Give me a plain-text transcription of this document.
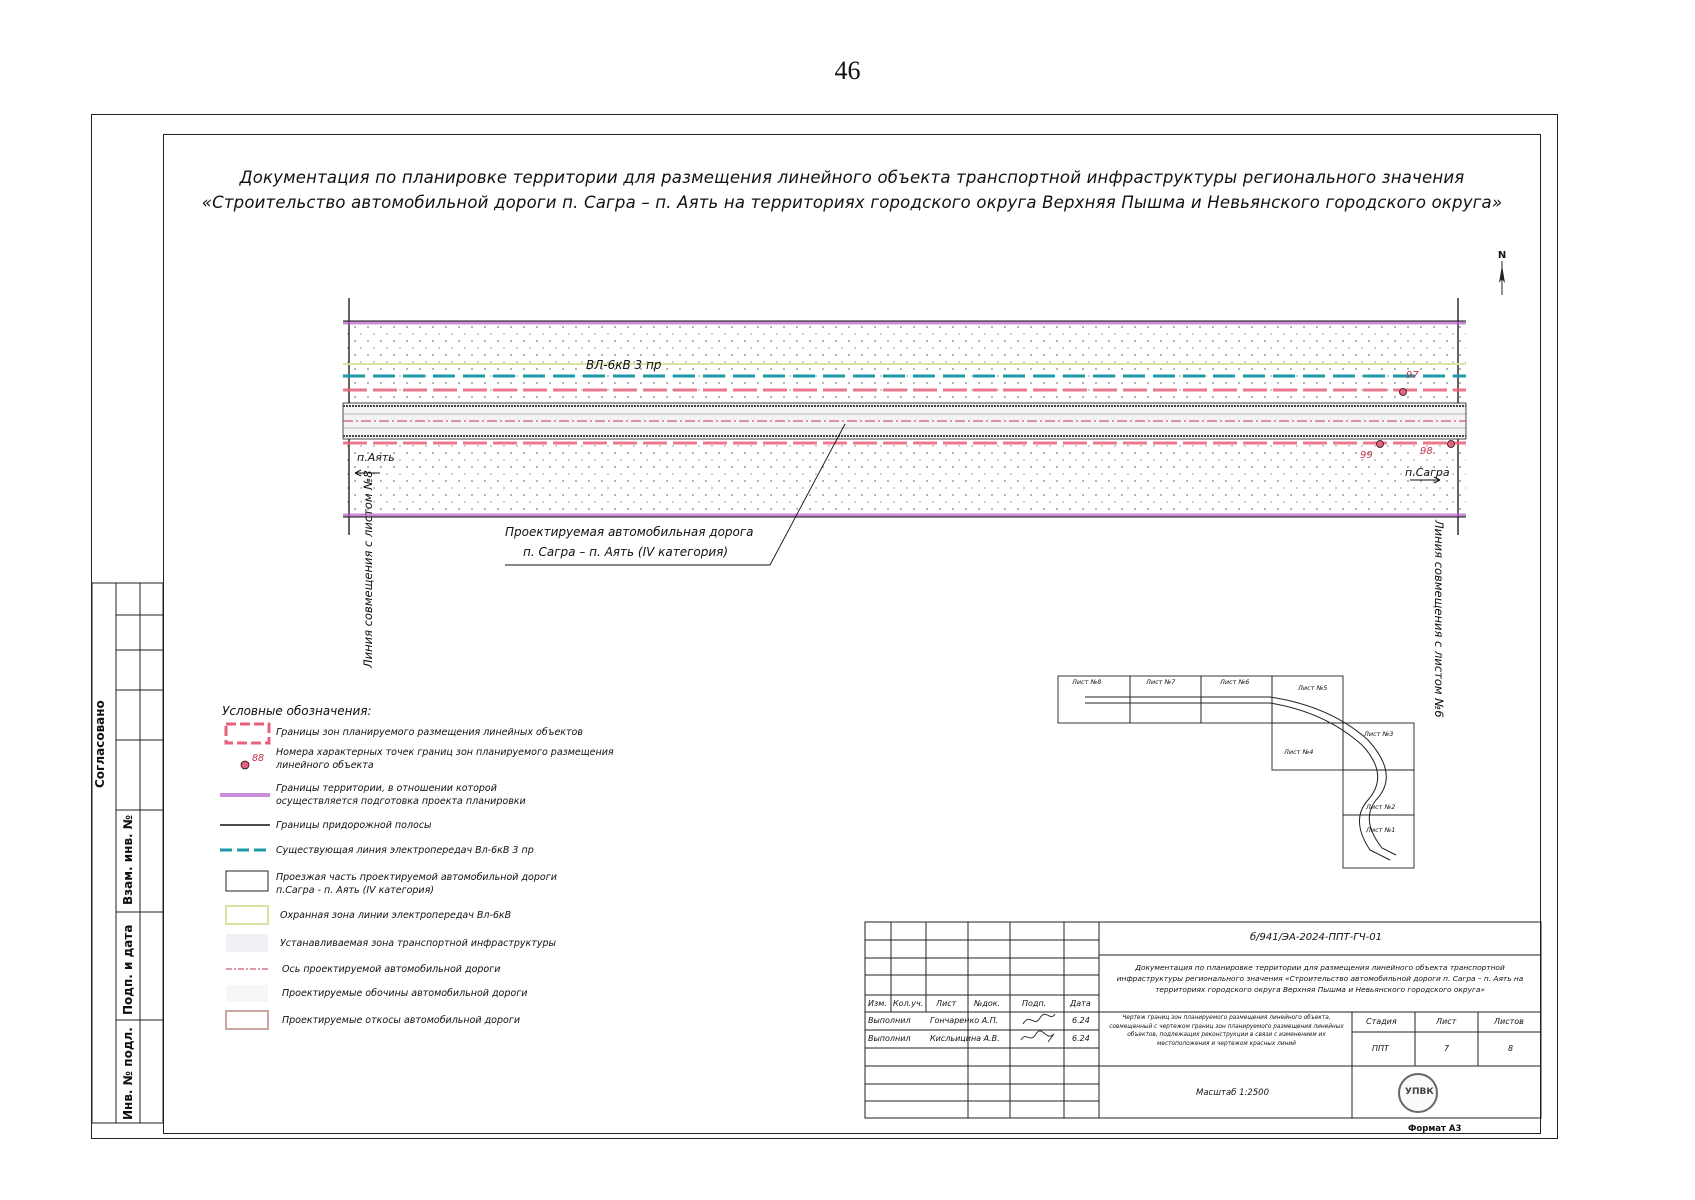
46
Документация по планировке территории для размещения линейного объекта транспортной инфраструктуры регионального значения
«Строительство автомобильной дороги п. Сагра – п. Аять на территориях городского округа Верхняя Пышма и Невьянского городского округа»
N
ВЛ-6кВ 3 пр
п.Аять
п.Сагра
97
99	98
Проектируемая автомобильная дорога
п. Сагра – п. Аять (IV категория)
Линия совмещения с листом №8	Линия совмещения с листом №6
Лист №8	Лист №7	Лист №6
Лист №5
Лист №4
Лист №3
Лист №2
Лист №1
Условные обозначения:
Границы зон планируемого размещения линейных объектов
88
Номера характерных точек границ зон планируемого размещения линейного объекта
Границы территории, в отношении которой осуществляется подготовка проекта планировки
Границы придорожной полосы
Существующая линия электропередач Вл-6кВ 3 пр
Проезжая часть проектируемой автомобильной дороги п.Сагра - п. Аять (IV категория)
Охранная зона линии электропередач Вл-6кВ
Устанавливаемая зона транспортной инфраструктуры
Ось проектируемой автомобильной дороги
Проектируемые обочины автомобильной дороги
Проектируемые откосы автомобильной дороги
Согласовано
Взам. инв. №
Подп. и дата
Инв. № подл.
б/941/ЭА-2024-ППТ-ГЧ-01
Документация по планировке территории для размещения линейного объекта транспортной инфраструктуры регионального значения «Строительство автомобильной дороги п. Сагра – п. Аять на территориях городского округа Верхняя Пышма и Невьянского городского округа»
Изм. Кол.уч. Лист №док.	Подп.	Дата
Выполнил Гончаренко А.П.	6.24
Выполнил Кисльицина А.В.	6.24
Чертеж границ зон планируемого размещения линейного объекта, совмещенный с чертежом границ зон планируемого размещения линейных объектов, подлежащих реконструкции в связи с изменением их местоположения и чертежом красных линий
Стадия	Лист	Листов
ППТ	7	8
Масштаб 1:2500	УПВК
Формат А3
